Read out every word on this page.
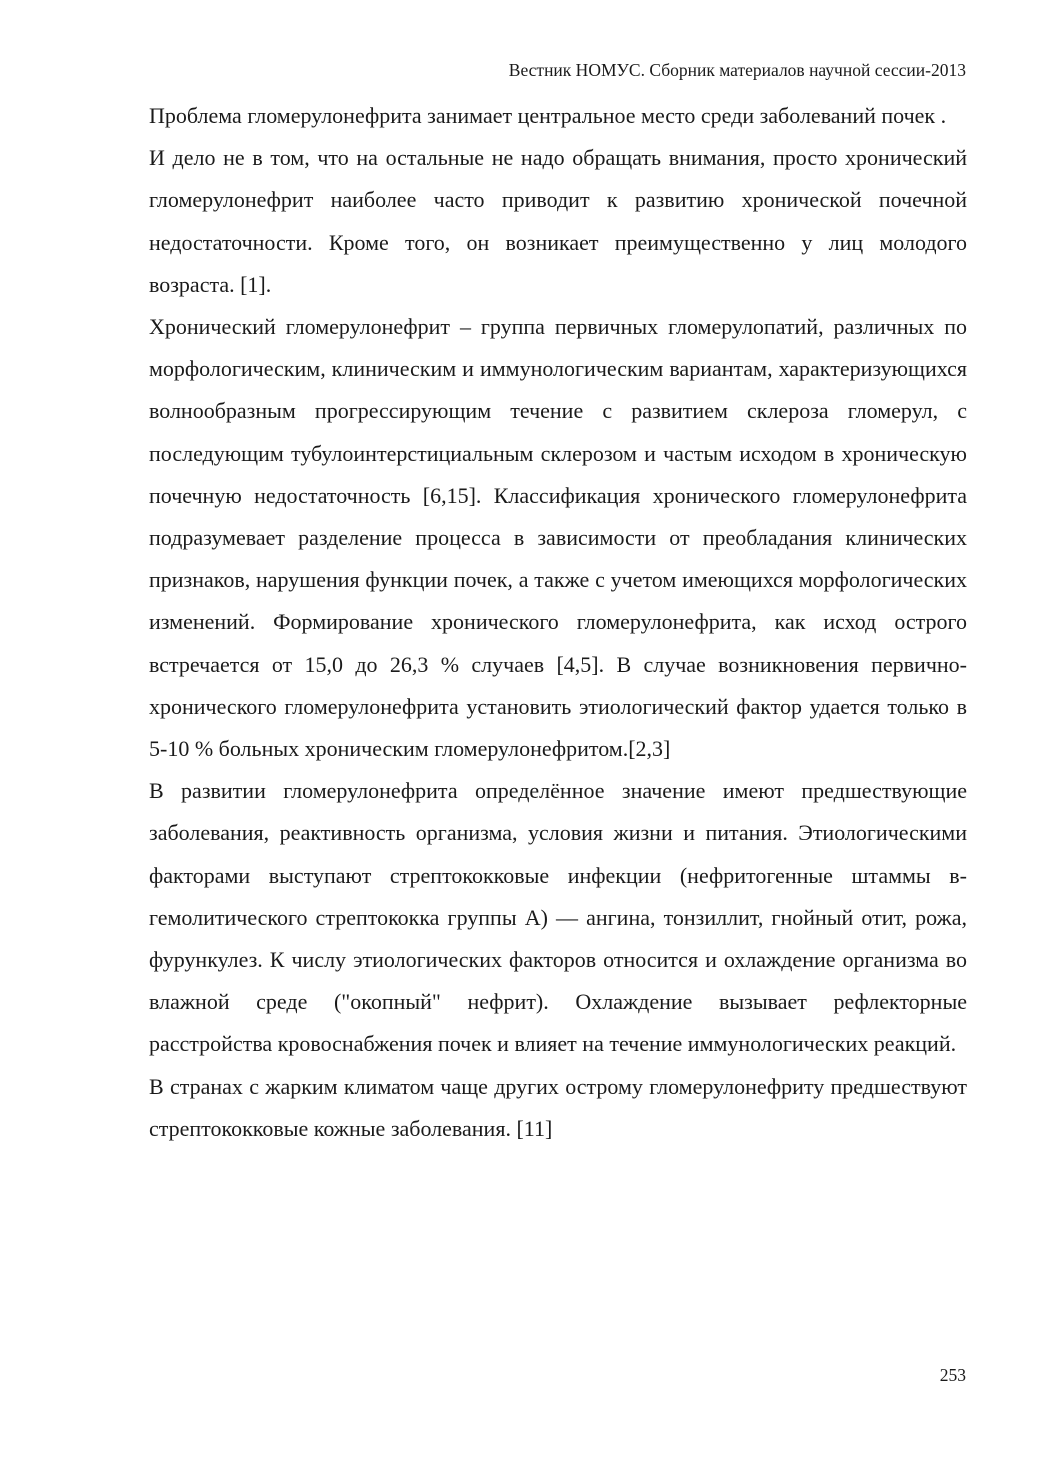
Вестник НОМУС. Сборник материалов научной сессии-2013

Проблема гломерулонефрита занимает центральное место среди заболеваний почек .

И дело не в том, что на остальные не надо обращать внимания, просто хронический гломерулонефрит наиболее часто приводит к развитию хронической почечной недостаточности. Кроме того, он возникает преимущественно у лиц молодого возраста. [1].

Хронический гломерулонефрит – группа первичных гломерулопатий, различных по морфологическим, клиническим и иммунологическим вариантам, характеризующихся волнообразным прогрессирующим течение с развитием склероза гломерул, с последующим тубулоинтерстициальным склерозом и частым исходом в хроническую почечную недостаточность [6,15]. Классификация хронического гломерулонефрита подразумевает разделение процесса в зависимости от преобладания клинических признаков, нарушения функции почек, а также с учетом имеющихся морфологических изменений. Формирование хронического гломерулонефрита, как исход острого встречается от 15,0 до 26,3 % случаев [4,5]. В случае возникновения первично-хронического гломерулонефрита установить этиологический фактор удается только в 5-10 % больных хроническим гломерулонефритом.[2,3]

В развитии гломерулонефрита определённое значение имеют предшествующие заболевания, реактивность организма, условия жизни и питания. Этиологическими факторами выступают стрептококковые инфекции (нефритогенные штаммы в-гемолитического стрептококка группы А) — ангина, тонзиллит, гнойный отит, рожа, фурункулез. К числу этиологических факторов относится и охлаждение организма во влажной среде ("окопный" нефрит). Охлаждение вызывает рефлекторные расстройства кровоснабжения почек и влияет на течение иммунологических реакций.

В странах с жарким климатом чаще других острому гломерулонефриту предшествуют стрептококковые кожные заболевания. [11]

253
